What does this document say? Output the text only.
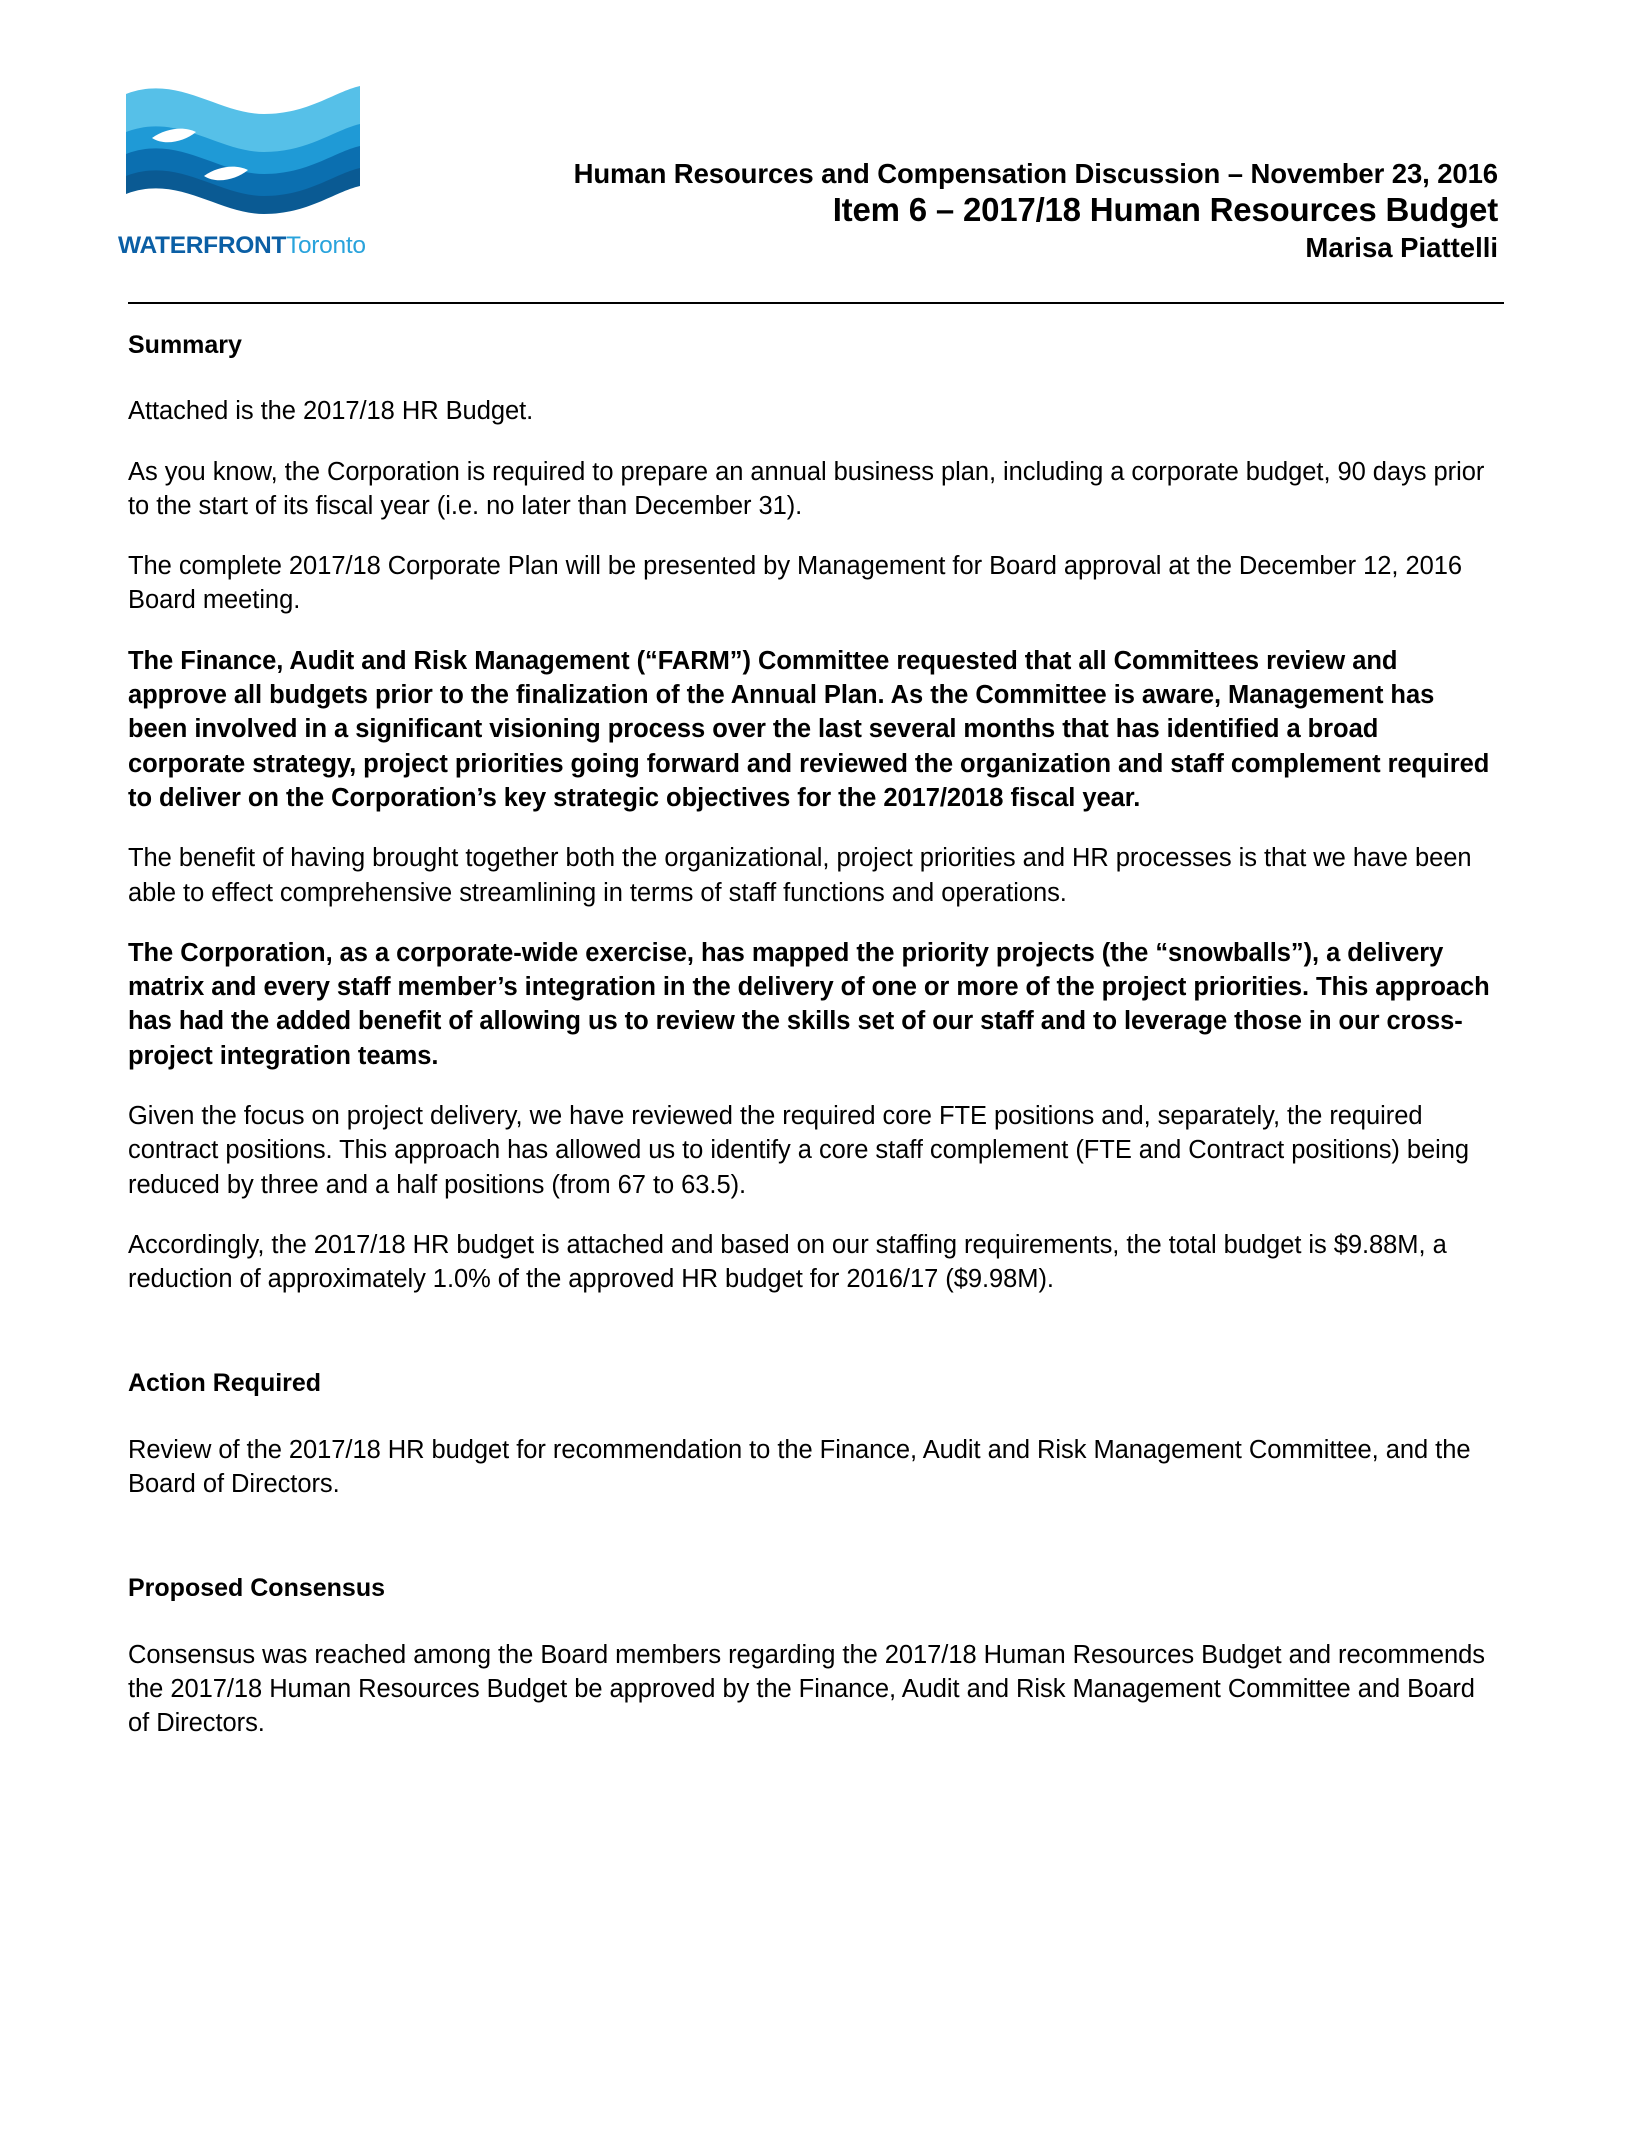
WATERFRONTToronto
Human Resources and Compensation Discussion – November 23, 2016
Item 6 – 2017/18 Human Resources Budget
Marisa Piattelli
Summary

Attached is the 2017/18 HR Budget.

As you know, the Corporation is required to prepare an annual business plan, including a corporate budget, 90 days prior to the start of its fiscal year (i.e. no later than December 31).

The complete 2017/18 Corporate Plan will be presented by Management for Board approval at the December 12, 2016 Board meeting.

The Finance, Audit and Risk Management (“FARM”) Committee requested that all Committees review and approve all budgets prior to the finalization of the Annual Plan. As the Committee is aware, Management has been involved in a significant visioning process over the last several months that has identified a broad corporate strategy, project priorities going forward and reviewed the organization and staff complement required to deliver on the Corporation’s key strategic objectives for the 2017/2018 fiscal year.

The benefit of having brought together both the organizational, project priorities and HR processes is that we have been able to effect comprehensive streamlining in terms of staff functions and operations.

The Corporation, as a corporate-wide exercise, has mapped the priority projects (the “snowballs”), a delivery matrix and every staff member’s integration in the delivery of one or more of the project priorities. This approach has had the added benefit of allowing us to review the skills set of our staff and to leverage those in our cross-project integration teams.

Given the focus on project delivery, we have reviewed the required core FTE positions and, separately, the required contract positions. This approach has allowed us to identify a core staff complement (FTE and Contract positions) being reduced by three and a half positions (from 67 to 63.5).

Accordingly, the 2017/18 HR budget is attached and based on our staffing requirements, the total budget is $9.88M, a reduction of approximately 1.0% of the approved HR budget for 2016/17 ($9.98M).

Action Required

Review of the 2017/18 HR budget for recommendation to the Finance, Audit and Risk Management Committee, and the Board of Directors.

Proposed Consensus

Consensus was reached among the Board members regarding the 2017/18 Human Resources Budget and recommends the 2017/18 Human Resources Budget be approved by the Finance, Audit and Risk Management Committee and Board of Directors.
